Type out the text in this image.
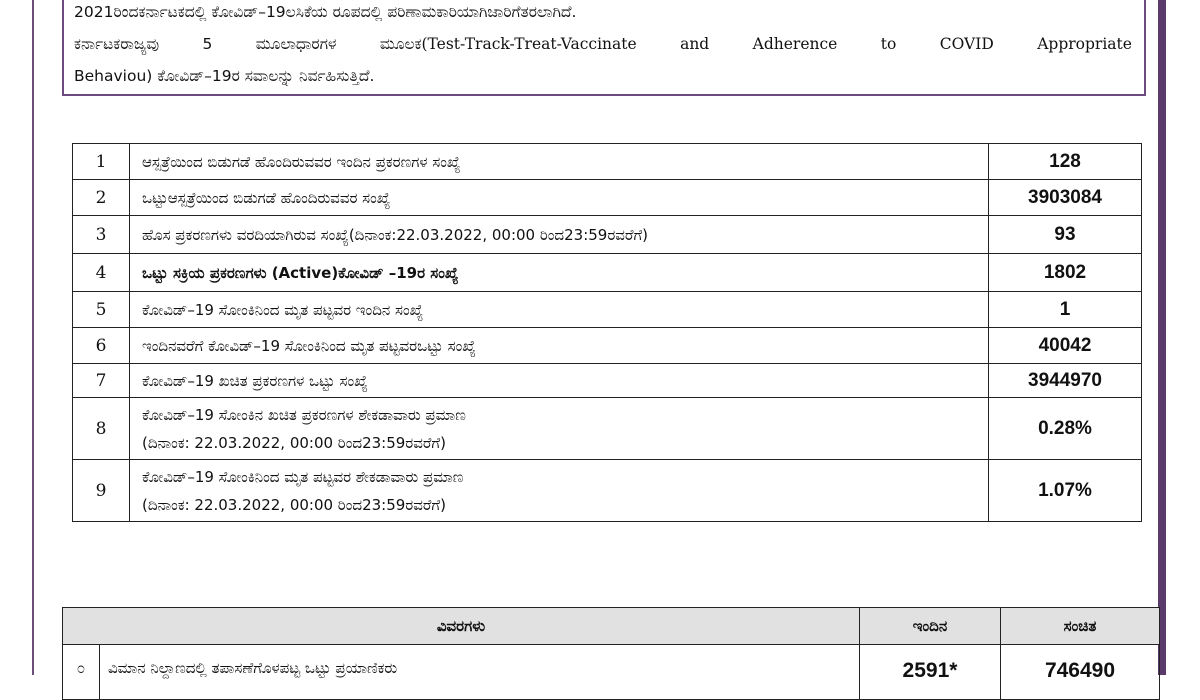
2021ರಿಂದಕರ್ನಾಟಕದಲ್ಲಿ ಕೋವಿಡ್–19ಲಸಿಕೆಯ ರೂಪದಲ್ಲಿ ಪರಿಣಾಮಕಾರಿಯಾಗಿಜಾರಿಗೆತರಲಾಗಿದೆ.
ಕರ್ನಾಟಕರಾಜ್ಯವು	5	ಮೂಲಾಧಾರಗಳ	ಮೂಲಕ(Test-Track-Treat-Vaccinate	and	Adherence	to	COVID	Appropriate
Behaviou) ಕೋವಿಡ್–19ರ ಸವಾಲನ್ನು ನಿರ್ವಹಿಸುತ್ತಿದೆ.
1	ಆಸ್ಪತ್ರೆಯಿಂದ ಬಿಡುಗಡೆ ಹೊಂದಿರುವವರ ಇಂದಿನ ಪ್ರಕರಣಗಳ ಸಂಖ್ಯೆ	128
2	ಒಟ್ಟುಆಸ್ಪತ್ರೆಯಿಂದ ಬಿಡುಗಡೆ ಹೊಂದಿರುವವರ ಸಂಖ್ಯೆ	3903084
3	ಹೊಸ ಪ್ರಕರಣಗಳು ವರದಿಯಾಗಿರುವ ಸಂಖ್ಯೆ(ದಿನಾಂಕ:22.03.2022, 00:00 ರಿಂದ23:59ರವರೆಗೆ)	93
4	ಒಟ್ಟು ಸಕ್ರಿಯ ಪ್ರಕರಣಗಳು (Active)ಕೋವಿಡ್ –19ರ ಸಂಖ್ಯೆ	1802
5	ಕೋವಿಡ್–19 ಸೋಂಕಿನಿಂದ ಮೃತ ಪಟ್ಟವರ ಇಂದಿನ ಸಂಖ್ಯೆ	1
6	ಇಂದಿನವರೆಗೆ ಕೋವಿಡ್–19 ಸೋಂಕಿನಿಂದ ಮೃತ ಪಟ್ಟವರಒಟ್ಟು ಸಂಖ್ಯೆ	40042
7	ಕೋವಿಡ್–19 ಖಚಿತ ಪ್ರಕರಣಗಳ ಒಟ್ಟು ಸಂಖ್ಯೆ	3944970
8	ಕೋವಿಡ್–19 ಸೋಂಕಿನ ಖಚಿತ ಪ್ರಕರಣಗಳ ಶೇಕಡಾವಾರು ಪ್ರಮಾಣ
(ದಿನಾಂಕ: 22.03.2022, 00:00 ರಿಂದ23:59ರವರೆಗೆ)	0.28%
9	ಕೋವಿಡ್–19 ಸೋಂಕಿನಿಂದ ಮೃತ ಪಟ್ಟವರ ಶೇಕಡಾವಾರು ಪ್ರಮಾಣ
(ದಿನಾಂಕ: 22.03.2022, 00:00 ರಿಂದ23:59ರವರೆಗೆ)	1.07%
ವಿವರಗಳು		ಇಂದಿನ	ಸಂಚಿತ
೦	ವಿಮಾನ ನಿಲ್ದಾಣದಲ್ಲಿ ತಪಾಸಣೆಗೊಳಪಟ್ಟ ಒಟ್ಟು ಪ್ರಯಾಣಿಕರು	2591*	746490
